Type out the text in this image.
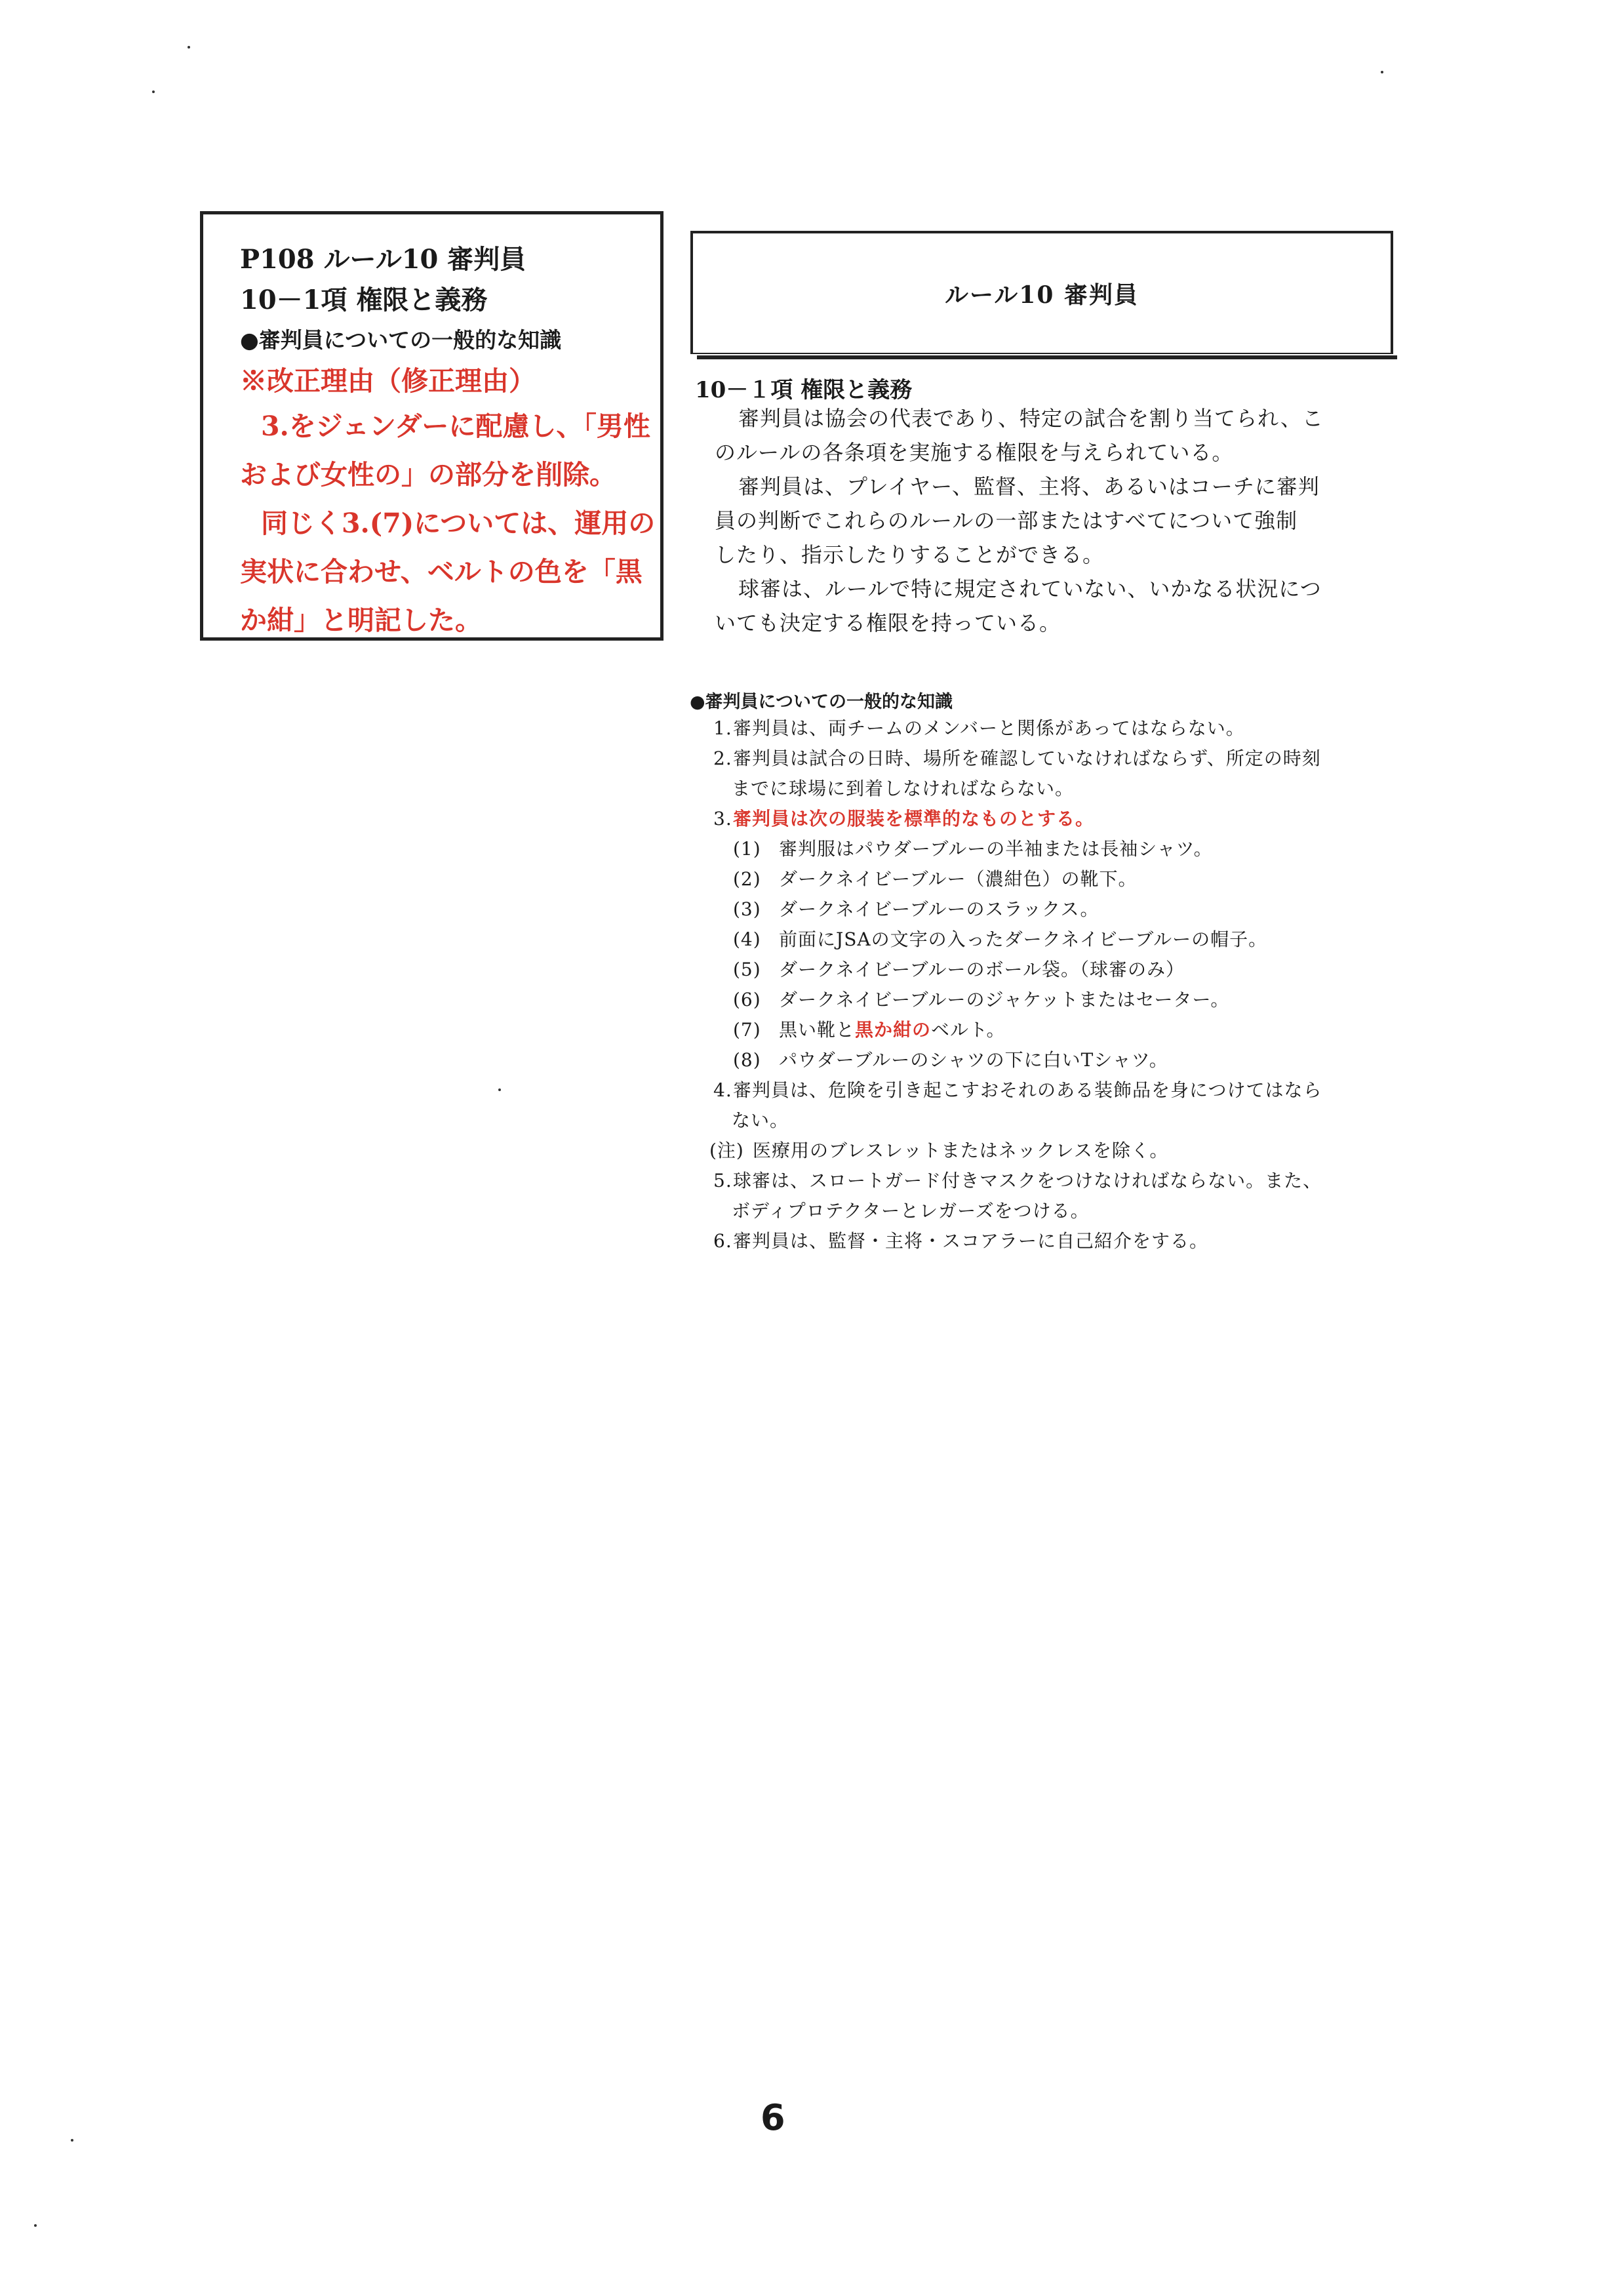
P108 ルール10 審判員
10－1項 権限と義務
●審判員についての一般的な知識
※改正理由（修正理由）
3.をジェンダーに配慮し、「男性
および女性の」の部分を削除。
同じく3.(7)については、運用の
実状に合わせ、ベルトの色を「黒
か紺」と明記した。
ルール10 審判員
10－１項 権限と義務

審判員は協会の代表であり、特定の試合を割り当てられ、こ

のルールの各条項を実施する権限を与えられている。

審判員は、プレイヤー、監督、主将、あるいはコーチに審判

員の判断でこれらのルールの一部またはすべてについて強制

したり、指示したりすることができる。

球審は、ルールで特に規定されていない、いかなる状況につ

いても決定する権限を持っている。

●審判員についての一般的な知識
1.審判員は、両チームのメンバーと関係があってはならない。
2.審判員は試合の日時、場所を確認していなければならず、所定の時刻
までに球場に到着しなければならない。
3.審判員は次の服装を標準的なものとする。
(1) 審判服はパウダーブルーの半袖または長袖シャツ。
(2) ダークネイビーブルー（濃紺色）の靴下。
(3) ダークネイビーブルーのスラックス。
(4) 前面にJSAの文字の入ったダークネイビーブルーの帽子。
(5) ダークネイビーブルーのボール袋。（球審のみ）
(6) ダークネイビーブルーのジャケットまたはセーター。
(7) 黒い靴と黒か紺のベルト。
(8) パウダーブルーのシャツの下に白いTシャツ。
4.審判員は、危険を引き起こすおそれのある装飾品を身につけてはなら
ない。
(注) 医療用のブレスレットまたはネックレスを除く。
5.球審は、スロートガード付きマスクをつけなければならない。また、
ボディプロテクターとレガーズをつける。
6.審判員は、監督・主将・スコアラーに自己紹介をする。
6
